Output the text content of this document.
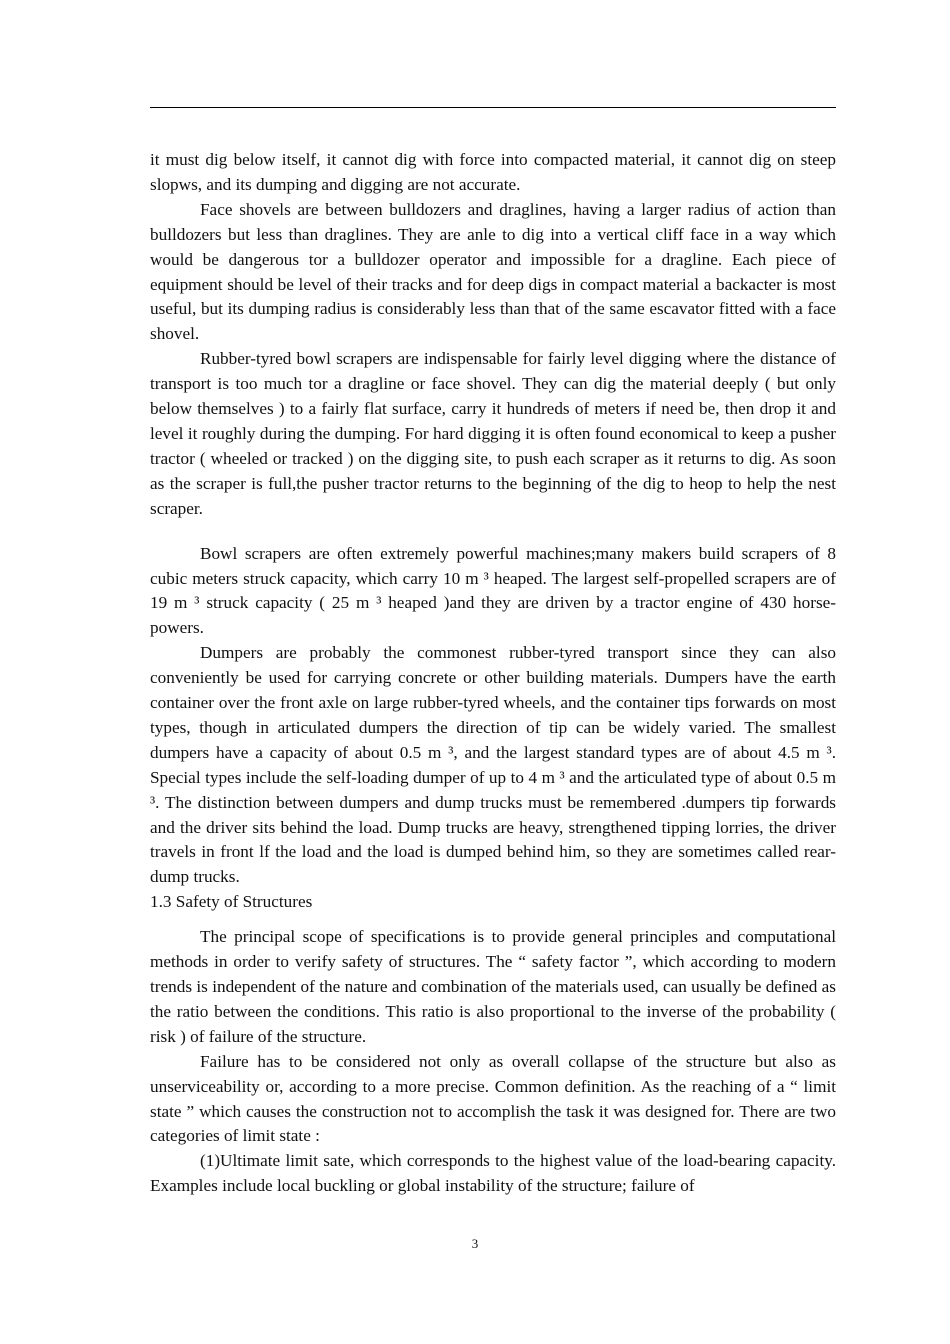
it must dig below itself, it cannot dig with force into compacted material, it cannot dig on steep slopws, and its dumping and digging are not accurate.

Face shovels are between bulldozers and draglines, having a larger radius of action than bulldozers but less than draglines. They are anle to dig into a vertical cliff face in a way which would be dangerous tor a bulldozer operator and impossible for a dragline. Each piece of equipment should be level of their tracks and for deep digs in compact material a backacter is most useful, but its dumping radius is considerably less than that of the same escavator fitted with a face shovel.

Rubber-tyred bowl scrapers are indispensable for fairly level digging where the distance of transport is too much tor a dragline or face shovel. They can dig the material deeply ( but only below themselves ) to a fairly flat surface, carry it hundreds of meters if need be, then drop it and level it roughly during the dumping. For hard digging it is often found economical to keep a pusher tractor ( wheeled or tracked ) on the digging site, to push each scraper as it returns to dig. As soon as the scraper is full,the pusher tractor returns to the beginning of the dig to heop to help the nest scraper.

Bowl scrapers are often extremely powerful machines;many makers build scrapers of 8 cubic meters struck capacity, which carry 10 m ³ heaped. The largest self-propelled scrapers are of 19 m ³ struck capacity ( 25 m ³ heaped )and they are driven by a tractor engine of 430 horse-powers.

Dumpers are probably the commonest rubber-tyred transport since they can also conveniently be used for carrying concrete or other building materials. Dumpers have the earth container over the front axle on large rubber-tyred wheels, and the container tips forwards on most types, though in articulated dumpers the direction of tip can be widely varied. The smallest dumpers have a capacity of about 0.5 m ³, and the largest standard types are of about 4.5 m ³. Special types include the self-loading dumper of up to 4 m ³ and the articulated type of about 0.5 m ³. The distinction between dumpers and dump trucks must be remembered .dumpers tip forwards and the driver sits behind the load. Dump trucks are heavy, strengthened tipping lorries, the driver travels in front lf the load and the load is dumped behind him, so they are sometimes called rear-dump trucks.

1.3 Safety of Structures

The principal scope of specifications is to provide general principles and computational methods in order to verify safety of structures. The “ safety factor ”, which according to modern trends is independent of the nature and combination of the materials used, can usually be defined as the ratio between the conditions. This ratio is also proportional to the inverse of the probability ( risk ) of failure of the structure.

Failure has to be considered not only as overall collapse of the structure but also as unserviceability or, according to a more precise. Common definition. As the reaching of a “ limit state ” which causes the construction not to accomplish the task it was designed for. There are two categories of limit state :

(1)Ultimate limit sate, which corresponds to the highest value of the load-bearing capacity. Examples include local buckling or global instability of the structure; failure of

3
